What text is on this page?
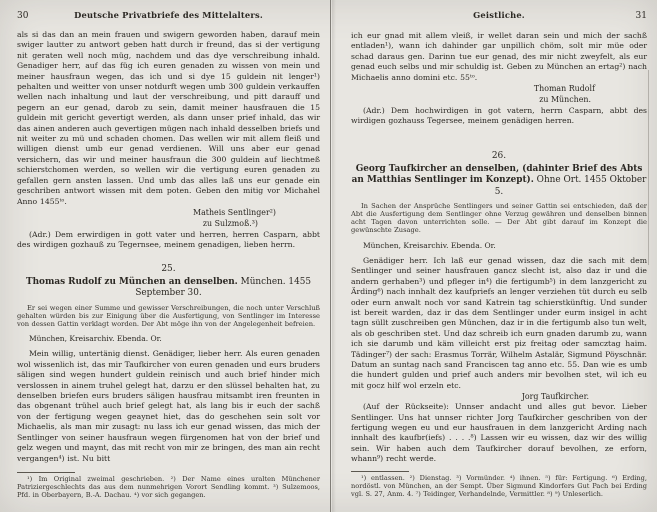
30	Deutsche Privatbriefe des Mittelalters.
als si das dan an mein frauen und swigern geworden haben, darauf mein swiger lautter zu antwort geben hatt durch ir freund, das si der vertigung nit geraten well noch müg, nachdem und das dye verschreibung inhald. Genadiger herr, auf das füg ich euren genaden zu wissen von mein und meiner hausfraun wegen, das ich und si dye 15 guldein nit lenger¹) pehalten und weitter von unser notdurft wegen umb 300 guldein verkauffen wellen nach inhaltung und laut der verschreibung, und pitt darauff und pegern an eur genad, darob zu sein, damit meiner hausfrauen die 15 guldein mit gericht gevertigt werden, als dann unser prief inhald, das wir das ainen anderen auch gevertigen mügen nach inhald desselben briefs und nit weiter zu mü und schaden chomen. Das wellen wir mit allem fleiß und willigen dienst umb eur genad verdienen. Will uns aber eur genad versichern, das wir und meiner hausfraun die 300 guldein auf liechtmeß schierstchomen werden, so wellen wir die vertigung euren genaden zu gefallen gern ansten lassen. Und umb das alles laß uns eur genade ein geschriben antwort wissen mit dem poten. Geben den mitig vor Michahel Anno 1455ᵗᵒ.
Matheis Sentlinger²)
zu Sulzmoß.³)
(Adr.) Dem erwirdigen in gott vater und herren, herren Casparn, abbt des wirdigen gozhauß zu Tegernsee, meinem genadigen, lieben herrn.
25.
Thomas Rudolf zu München an denselben. München. 1455 September 30.
Er sei wegen einer Summe und gewisser Verschreibungen, die noch unter Verschluß gehalten würden bis zur Einigung über die Ausfertigung, von Sentlinger im Interesse von dessen Gattin verklagt worden. Der Abt möge ihn von der Angelegenheit befreien.
München, Kreisarchiv. Ebenda. Or.
Mein willig, untertänig dienst. Genädiger, lieber herr. Als euren genaden wol wissenlich ist, das mir Taufkircher von euren genaden und eurs bruders säligen sind wegen hundert guldein reinisch und auch brief hinder mich verslossen in ainem truhel gelegt hat, darzu er den slüssel behalten hat, zu denselben briefen eurs bruders säligen hausfrau mitsambt iren freunten in das obgenant trühel auch brief gelegt hat, als lang bis ir euch der sachß von der fertigung wegen geaynet hiet, das do geschehen sein solt vor Michaelis, als man mir zusagt: nu lass ich eur genad wissen, das mich der Sentlinger von seiner hausfraun wegen fürgenomen hat von der brief und gelz wegen und maynt, das mit recht von mir ze bringen, des man ain recht vergangen⁴) ist. Nu bitt
¹) Im Original zweimal geschrieben. ²) Der Name eines uralten Münchener Patriziergeschlechts das aus dem nunmehrigen Vorort Sendling kommt. ³) Sulzemoos, Pfd. in Oberbayern, B.-A. Dachau. ⁴) vor sich gegangen.
Geistliche.	31
ich eur gnad mit allem vleiß, ir wellet daran sein und mich der sachß entladen¹), wann ich dahinder gar unpillich chöm, solt mir müe oder schad daraus gen. Darinn tue eur genad, des mir nicht zweyfelt, als eur genad euch selbs und mir schuldig ist. Geben zu München an ertag²) nach Michaelis anno domini etc. 55ᵗᵒ.
Thoman Rudolf
zu München.
(Adr.) Dem hochwirdigen in got vatern, herrn Casparn, abbt des wirdigen gozhauss Tegersee, meinem genädigen herren.
26.
Georg Taufkircher an denselben, (dahinter Brief des Abts an Matthias Sentlinger im Konzept). Ohne Ort. 1455 Oktober 5.
In Sachen der Ansprüche Sentlingers und seiner Gattin sei entschieden, daß der Abt die Ausfertigung dem Sentlinger ohne Verzug gewähren und denselben binnen acht Tagen davon unterrichten solle. — Der Abt gibt darauf im Konzept die gewünschte Zusage.
München, Kreisarchiv. Ebenda. Or.
Genädiger herr. Ich laß eur genad wissen, daz die sach mit dem Sentlinger und seiner hausfrauen gancz slecht ist, also daz ir und die andern gerhaben³) und pfleger in⁴) die fertigumb⁵) in dem lanzgericht zu Ärding⁶) nach innhalt dez kaufpriefs an lenger verziehen tüt durch eu selb oder eurn anwalt noch vor sand Katrein tag schierstkünftig. Und sunder ist bereit warden, daz ir das dem Sentlinger under eurm insigel in acht tagn süllt zuschreiben gen München, daz ir in die fertigumb also tun welt, als ob geschriben stet. Und daz schreib ich eurn gnaden darumb zu, wann ich sie darumb und käm villeicht erst piz freitag oder samcztag haim. Tädinger⁷) der sach: Erasmus Torrär, Wilhelm Astalär, Sigmund Pöyschnär. Datum an suntag nach sand Franciscen tag anno etc. 55. Dan wie es umb die hundert gulden und prief auch anders mir bevolhen stet, wil ich eu mit gocz hilf wol erzeln etc.
Jorg Taufkircher.
(Auf der Rückseite): Unnser andacht und alles gut bevor. Lieber Sentlinger. Uns hat unnser richter Jorg Taufkircher geschriben von der fertigung wegen eu und eur hausfrauen in dem lanzgericht Arding nach innhalt des kaufbr(iefs) . . . .⁸) Lassen wir eu wissen, daz wir des willig sein. Wir haben auch dem Taufkircher dorauf bevolhen, ze erforn, whann⁹) recht werde.
¹) entlassen. ²) Dienstag. ³) Vormünder. ⁴) ihnen. ⁵) für: Fertigung. ⁶) Erding, nordöstl. von München, an der Sempt. Über Sigmund Kindorfers Gut Pach bei Erding vgl. S. 27, Anm. 4. ⁷) Teidinger, Verhandelnde, Vermittler. ⁸) ⁹) Unleserlich.
